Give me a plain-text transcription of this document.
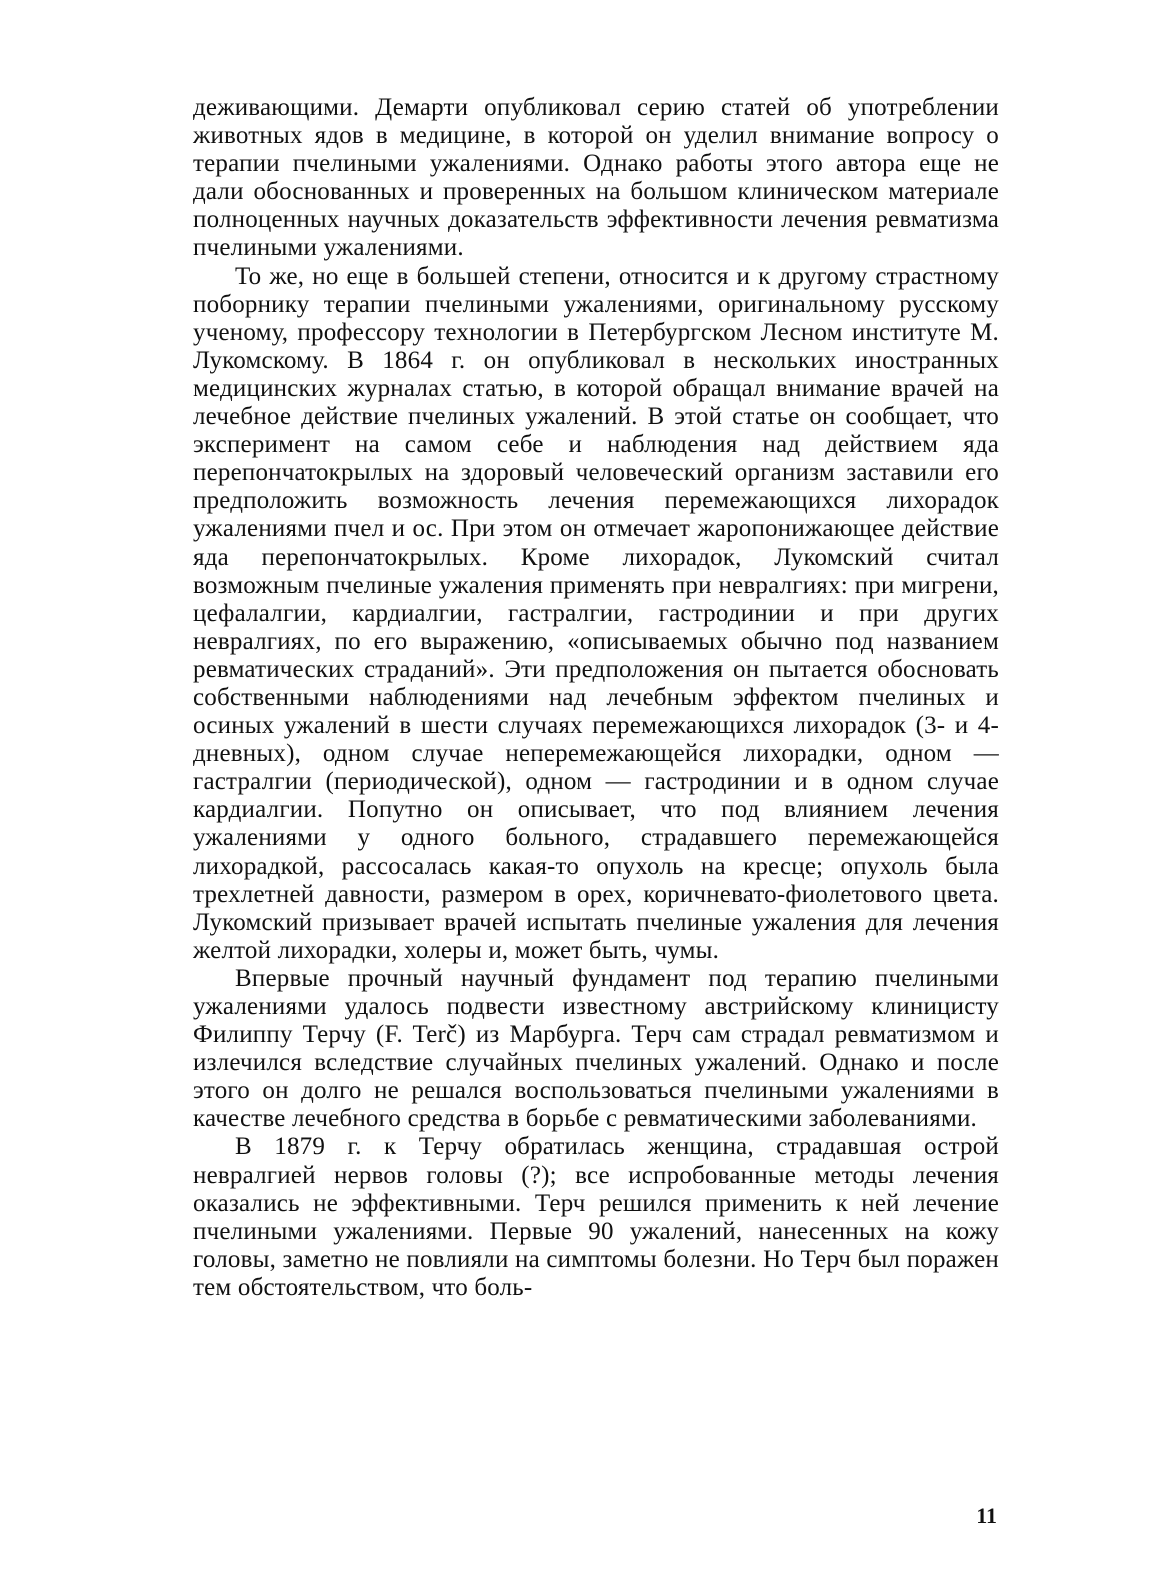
деживающими. Демарти опубликовал серию статей об употреблении животных ядов в медицине, в которой он уделил внимание вопросу о терапии пчелиными ужалениями. Однако работы этого автора еще не дали обоснованных и проверенных на большом клиническом материале полноценных научных доказательств эффективности лечения ревматизма пчелиными ужалениями.

То же, но еще в большей степени, относится и к другому страстному поборнику терапии пчелиными ужалениями, оригинальному русскому ученому, профессору технологии в Петербургском Лесном институте М. Лукомскому. В 1864 г. он опубликовал в нескольких иностранных медицинских журналах статью, в которой обращал внимание врачей на лечебное действие пчелиных ужалений. В этой статье он сообщает, что эксперимент на самом себе и наблюдения над действием яда перепончатокрылых на здоровый человеческий организм заставили его предположить возможность лечения перемежающихся лихорадок ужалениями пчел и ос. При этом он отмечает жаропонижающее действие яда перепончатокрылых. Кроме лихорадок, Лукомский считал возможным пчелиные ужаления применять при невралгиях: при мигрени, цефалалгии, кардиалгии, гастралгии, гастродинии и при других невралгиях, по его выражению, «описываемых обычно под названием ревматических страданий». Эти предположения он пытается обосновать собственными наблюдениями над лечебным эффектом пчелиных и осиных ужалений в шести случаях перемежающихся лихорадок (3- и 4-дневных), одном случае неперемежающейся лихорадки, одном — гастралгии (периодической), одном — гастродинии и в одном случае кардиалгии. Попутно он описывает, что под влиянием лечения ужалениями у одного больного, страдавшего перемежающейся лихорадкой, рассосалась какая-то опухоль на кресце; опухоль была трехлетней давности, размером в орех, коричневато-фиолетового цвета. Лукомский призывает врачей испытать пчелиные ужаления для лечения желтой лихорадки, холеры и, может быть, чумы.

Впервые прочный научный фундамент под терапию пчелиными ужалениями удалось подвести известному австрийскому клиницисту Филиппу Терчу (F. Terč) из Марбурга. Терч сам страдал ревматизмом и излечился вследствие случайных пчелиных ужалений. Однако и после этого он долго не решался воспользоваться пчелиными ужалениями в качестве лечебного средства в борьбе с ревматическими заболеваниями.

В 1879 г. к Терчу обратилась женщина, страдавшая острой невралгией нервов головы (?); все испробованные методы лечения оказались не эффективными. Терч решился применить к ней лечение пчелиными ужалениями. Первые 90 ужалений, нанесенных на кожу головы, заметно не повлияли на симптомы болезни. Но Терч был поражен тем обстоятельством, что боль-

11
